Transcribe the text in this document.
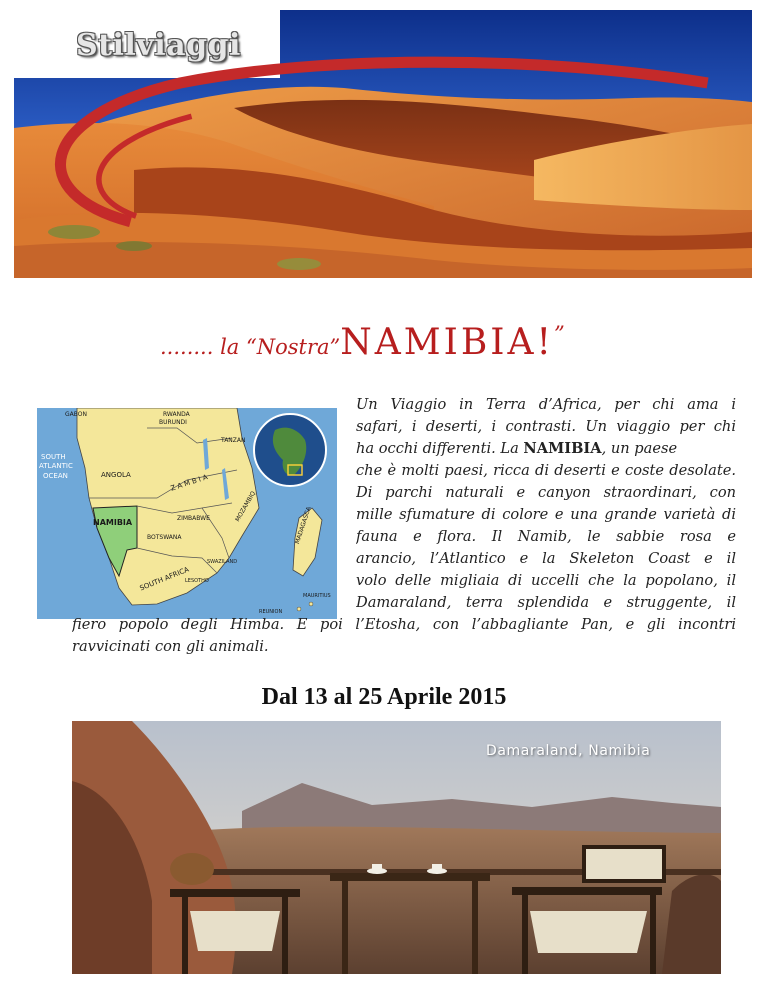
Stilviaggi
........ la “Nostra”NAMIBIA!”
GABON	RWANDA
BURUNDI
TANZAN
SOUTH
ATLANTIC
OCEAN	ANGOLA	Z A M B I A
MOZAMBIQ	MADAGASCA
NAMIBIA	ZIMBABWE
BOTSWANA
SWAZILAND
SOUTH AFRICA
LESOTHO
MAURITIUS
REUNION
Un Viaggio in Terra d’Africa, per chi ama i
safari, i deserti, i contrasti. Un viaggio per chi
ha occhi differenti. La NAMIBIA, un paese
che è molti paesi, ricca di deserti e coste desolate.
Di parchi naturali e canyon straordinari, con
mille sfumature di colore e una grande varietà di
fauna e flora. Il Namib, le sabbie rosa e
arancio, l’Atlantico e la Skeleton Coast e il
volo delle migliaia di uccelli che la popolano, il
Damaraland, terra splendida e struggente, il
fiero popolo degli Himba. E poi l’Etosha, con l’abbagliante Pan, e gli incontri
ravvicinati con gli animali.
Dal 13 al 25 Aprile 2015
Damaraland, Namibia
